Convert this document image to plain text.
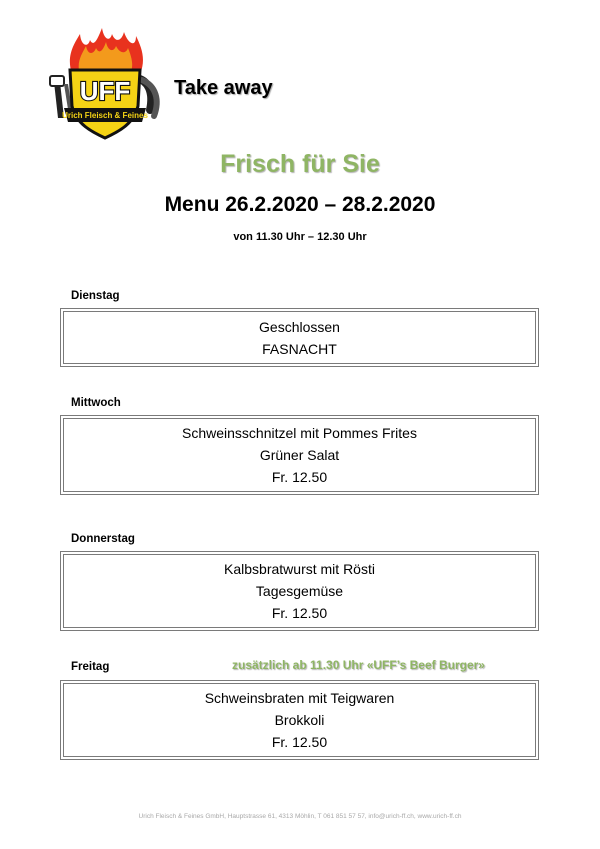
UFF
Urich Fleisch & Feines
Take away
Frisch für Sie
Menu 26.2.2020 – 28.2.2020
von 11.30 Uhr – 12.30 Uhr
Dienstag
Geschlossen
FASNACHT
Mittwoch
Schweinsschnitzel mit Pommes Frites
Grüner Salat
Fr. 12.50
Donnerstag
Kalbsbratwurst mit Rösti
Tagesgemüse
Fr. 12.50
Freitag	zusätzlich ab 11.30 Uhr «UFF’s Beef Burger»
Schweinsbraten mit Teigwaren
Brokkoli
Fr. 12.50
Urich Fleisch & Feines GmbH, Hauptstrasse 61, 4313 Möhlin, T 061 851 57 57, info@urich-ff.ch, www.urich-ff.ch
